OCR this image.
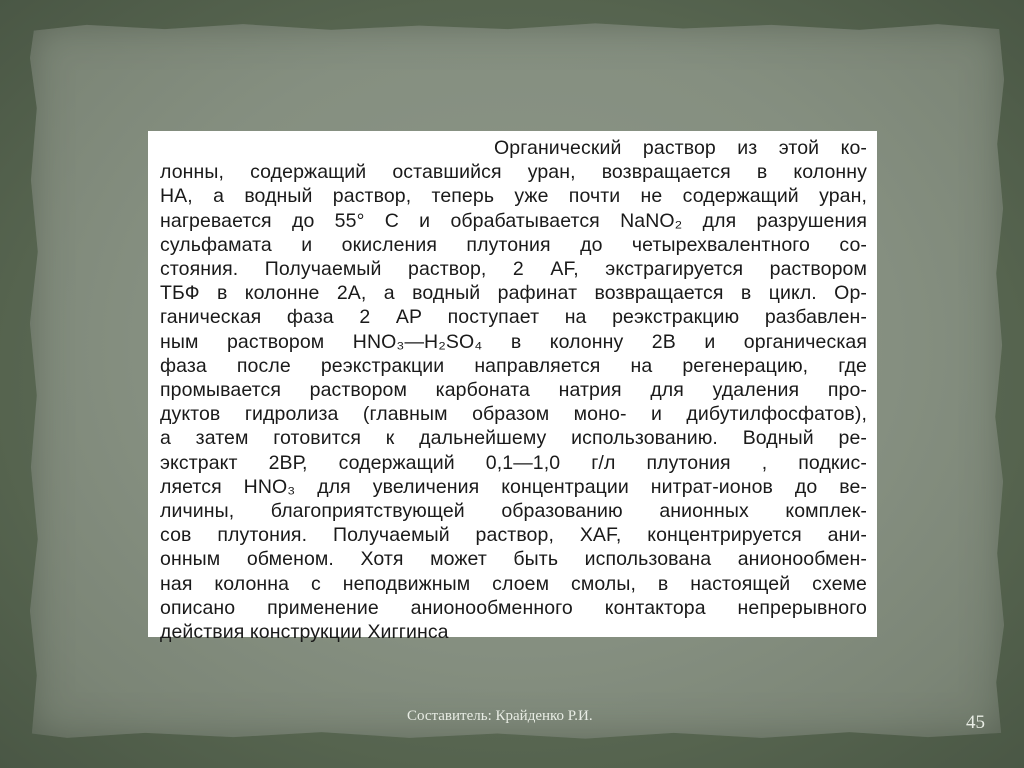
Органический раствор из этой ко-
лонны, содержащий оставшийся уран, возвращается в колонну
НА, а водный раствор, теперь уже почти не содержащий уран,
нагревается до 55° С и обрабатывается NaNO₂ для разрушения
сульфамата и окисления плутония до четырехвалентного со-
стояния. Получаемый раствор, 2 AF, экстрагируется раствором
ТБФ в колонне 2А, а водный рафинат возвращается в цикл. Ор-
ганическая фаза 2 АР поступает на реэкстракцию разбавлен-
ным раствором HNO₃—H₂SO₄ в колонну 2В и органическая
фаза после реэкстракции направляется на регенерацию, где
промывается раствором карбоната натрия для удаления про-
дуктов гидролиза (главным образом моно- и дибутилфосфатов),
а затем готовится к дальнейшему использованию. Водный ре-
экстракт 2ВР, содержащий 0,1—1,0 г/л плутония , подкис-
ляется HNO₃ для увеличения концентрации нитрат-ионов до ве-
личины, благоприятствующей образованию анионных комплек-
сов плутония. Получаемый раствор, XAF, концентрируется ани-
онным обменом. Хотя может быть использована анионообмен-
ная колонна с неподвижным слоем смолы, в настоящей схеме
описано применение анионообменного контактора непрерывного
действия конструкции Хиггинса
Составитель: Крайденко Р.И.	45
